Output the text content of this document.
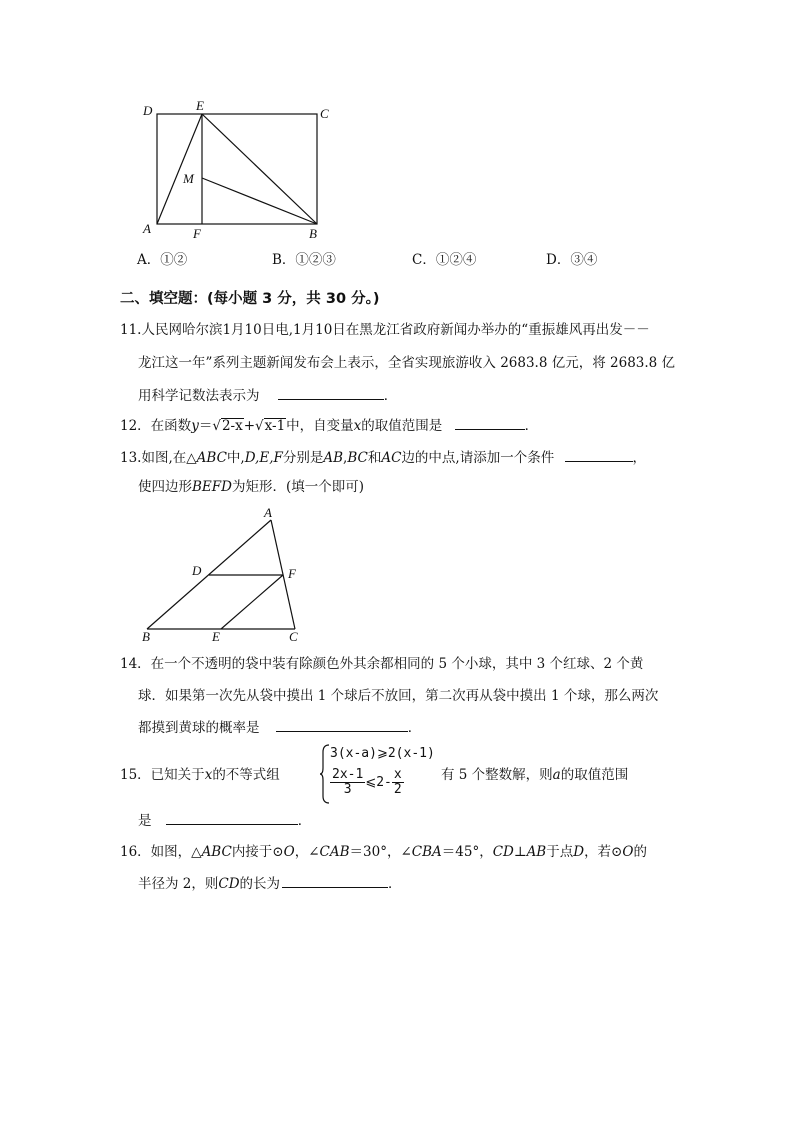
D	E
C
M
A	F	B
A．①②	B．①②③	C．①②④	D．③④
二、填空题：(每小题 3 分，共 30 分。)
11.人民网哈尔滨1月10日电,1月10日在黑龙江省政府新闻办举办的“重振雄风再出发－－
龙江这一年”系列主题新闻发布会上表示，全省实现旅游收入 2683.8 亿元，将 2683.8 亿
用科学记数法表示为	．
12．在函数y＝√2-x+√x-1中，自变量x的取值范围是	．
13.如图,在△ABC中,D,E,F分别是AB,BC和AC边的中点,请添加一个条件	，
使四边形BEFD为矩形．(填一个即可)
A
D	F
B	E	C
14．在一个不透明的袋中装有除颜色外其余都相同的 5 个小球，其中 3 个红球、2 个黄
球．如果第一次先从袋中摸出 1 个球后不放回，第二次再从袋中摸出 1 个球，那么两次
都摸到黄球的概率是	．
15．已知关于x的不等式组
3(x-a)⩾2(x-1)
$\frac{2x-1}{3}$ ⩽2- $\frac{x}{2}$	有 5 个整数解，则a的取值范围
是	．
16．如图，△ABC内接于⊙O，∠CAB＝30°，∠CBA＝45°，CD⊥AB于点D，若⊙O的
半径为 2，则CD的长为	．
